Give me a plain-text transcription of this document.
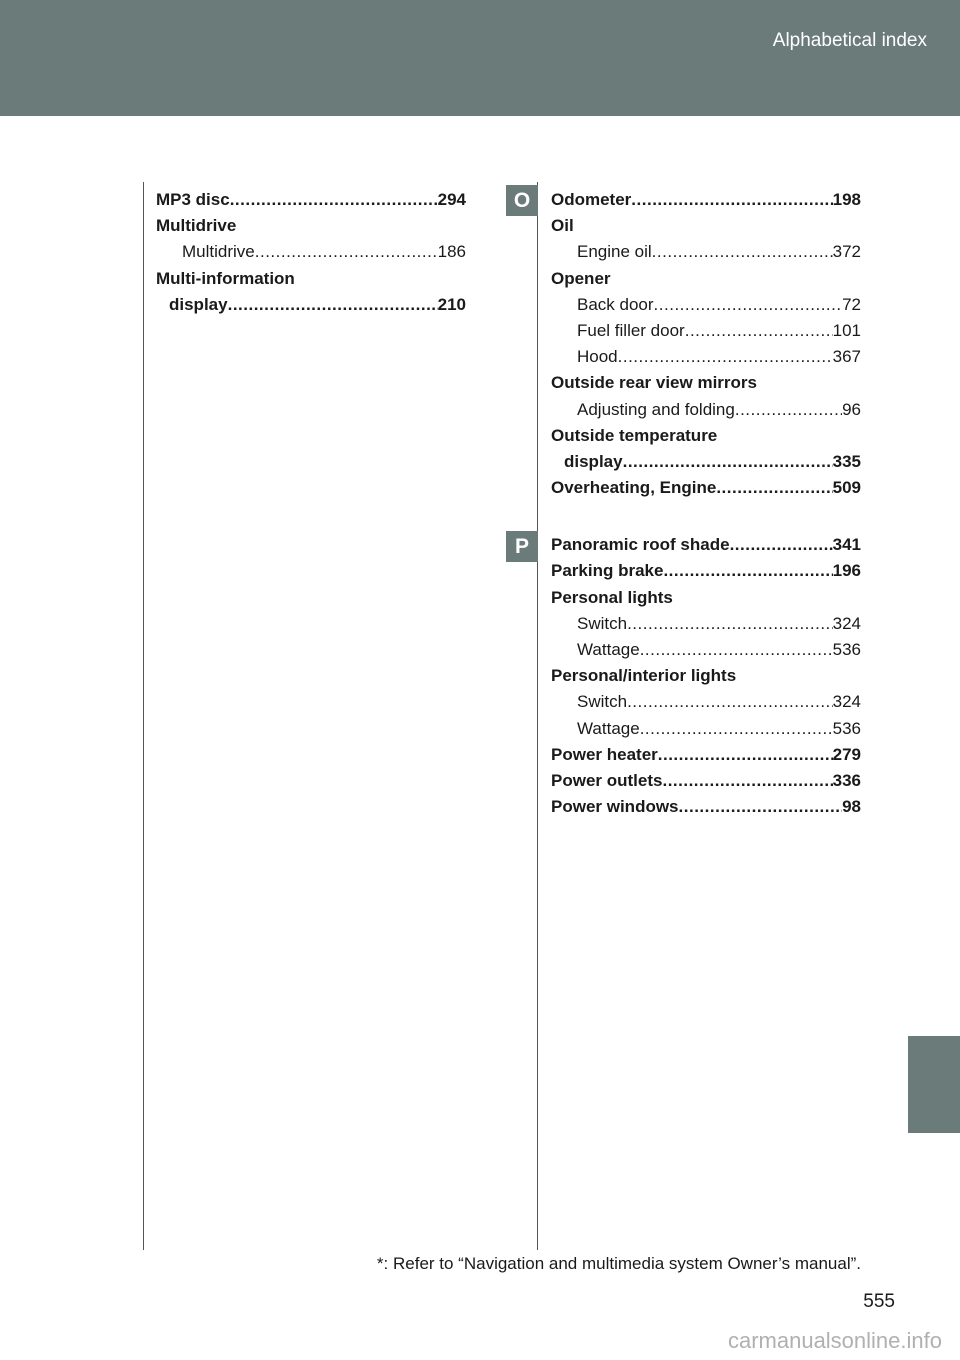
Alphabetical index
MP3 disc .....	294
Multidrive
Multidrive .....	186
Multi-information
display .....	210
O
P
Odometer .....	198
Oil
Engine oil .....	372
Opener
Back door .....	72
Fuel filler door .....	101
Hood .....	367
Outside rear view mirrors
Adjusting and folding .....	96
Outside temperature
display .....	335
Overheating, Engine .....	509
Panoramic roof shade .....	341
Parking brake .....	196
Personal lights
Switch .....	324
Wattage .....	536
Personal/interior lights
Switch .....	324
Wattage .....	536
Power heater .....	279
Power outlets .....	336
Power windows .....	98
*: Refer to “Navigation and multimedia system Owner’s manual”.
555
carmanualsonline.info
